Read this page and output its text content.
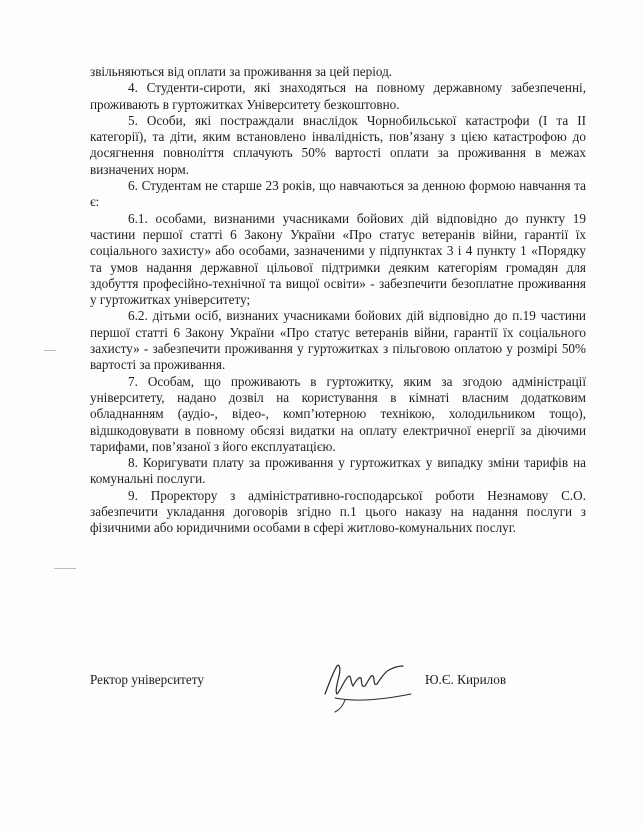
звільняються від оплати за проживання за цей період.

4. Студенти-сироти, які знаходяться на повному державному забезпеченні, проживають в гуртожитках Університету безкоштовно.

5. Особи, які постраждали внаслідок Чорнобильської катастрофи (І та ІІ категорії), та діти, яким встановлено інвалідність, пов’язану з цією катастрофою до досягнення повноліття сплачують 50% вартості оплати за проживання в межах визначених норм.

6. Студентам не старше 23 років, що навчаються за денною формою навчання та є:

6.1. особами, визнаними учасниками бойових дій відповідно до пункту 19 частини першої статті 6 Закону України «Про статус ветеранів війни, гарантії їх соціального захисту» або особами, зазначеними у підпунктах 3 і 4 пункту 1 «Порядку та умов надання державної цільової підтримки деяким категоріям громадян для здобуття професійно-технічної та вищої освіти» - забезпечити безоплатне проживання у гуртожитках університету;

6.2. дітьми осіб, визнаних учасниками бойових дій відповідно до п.19 частини першої статті 6 Закону України «Про статус ветеранів війни, гарантії їх соціального захисту» - забезпечити проживання у гуртожитках з пільговою оплатою у розмірі 50% вартості за проживання.

7. Особам, що проживають в гуртожитку, яким за згодою адміністрації університету, надано дозвіл на користування в кімнаті власним додатковим обладнанням (аудіо-, відео-, комп’ютерною технікою, холодильником тощо), відшкодовувати в повному обсязі видатки на оплату електричної енергії за діючими тарифами, пов’язаної з його експлуатацією.

8. Коригувати плату за проживання у гуртожитках у випадку зміни тарифів на комунальні послуги.

9. Проректору з адміністративно-господарської роботи Незнамову С.О. забезпечити укладання договорів згідно п.1 цього наказу на надання послуги з фізичними або юридичними особами в сфері житлово-комунальних послуг.

Ректор університету	Ю.Є. Кирилов
